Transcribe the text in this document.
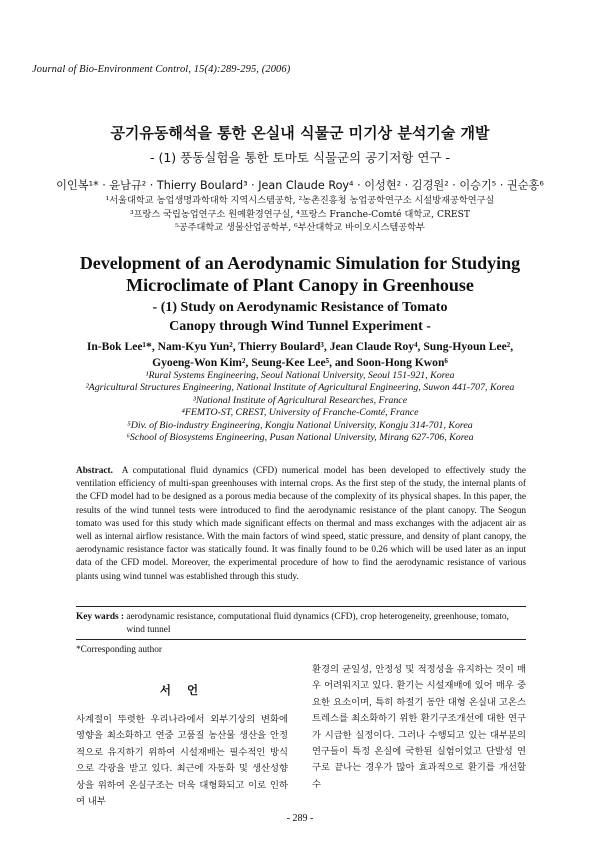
Journal of Bio-Environment Control, 15(4):289-295, (2006)
공기유동해석을 통한 온실내 식물군 미기상 분석기술 개발
- (1) 풍동실험을 통한 토마토 식물군의 공기저항 연구 -
이인복¹* · 윤남규² · Thierry Boulard³ · Jean Claude Roy⁴ · 이성현² · 김경원² · 이승기⁵ · 권순홍⁶
¹서울대학교 농업생명과학대학 지역시스템공학, ²농촌진흥청 농업공학연구소 시설방재공학연구실
³프랑스 국립농업연구소 원예환경연구실, ⁴프랑스 Franche-Comté 대학교, CREST
⁵공주대학교 생물산업공학부, ⁶부산대학교 바이오시스템공학부
Development of an Aerodynamic Simulation for Studying
Microclimate of Plant Canopy in Greenhouse
- (1) Study on Aerodynamic Resistance of Tomato
Canopy through Wind Tunnel Experiment -
In-Bok Lee¹*, Nam-Kyu Yun², Thierry Boulard³, Jean Claude Roy⁴, Sung-Hyoun Lee²,
Gyoeng-Won Kim², Seung-Kee Lee⁵, and Soon-Hong Kwon⁶
¹Rural Systems Engineering, Seoul National University, Seoul 151-921, Korea
²Agricultural Structures Engineering, National Institute of Agricultural Engineering, Suwon 441-707, Korea
³National Institute of Agricultural Researches, France
⁴FEMTO-ST, CREST, University of Franche-Comté, France
⁵Div. of Bio-industry Engineering, Kongju National University, Kongju 314-701, Korea
⁶School of Biosystems Engineering, Pusan National University, Mirang 627-706, Korea
Abstract. A computational fluid dynamics (CFD) numerical model has been developed to effectively study the ventilation efficiency of multi-span greenhouses with internal crops. As the first step of the study, the internal plants of the CFD model had to be designed as a porous media because of the complexity of its physical shapes. In this paper, the results of the wind tunnel tests were introduced to find the aerodynamic resistance of the plant canopy. The Seogun tomato was used for this study which made significant effects on thermal and mass exchanges with the adjacent air as well as internal airflow resistance. With the main factors of wind speed, static pressure, and density of plant canopy, the aerodynamic resistance factor was statically found. It was finally found to be 0.26 which will be used later as an input data of the CFD model. Moreover, the experimental procedure of how to find the aerodynamic resistance of various plants using wind tunnel was established through this study.
Key wards :
aerodynamic resistance, computational fluid dynamics (CFD), crop heterogeneity, greenhouse, tomato, wind tunnel
*Corresponding author
서 언
사계절이 뚜렷한 우리나라에서 외부기상의 변화에 영향을 최소화하고 연중 고품질 농산물 생산을 안정적으로 유지하기 위하여 시설재배는 필수적인 방식으로 각광을 받고 있다. 최근에 자동화 및 생산성향상을 위하여 온실구조는 더욱 대형화되고 이로 인하여 내부
환경의 균일성, 안정성 및 적정성을 유지하는 것이 매우 어려워지고 있다. 환기는 시설재배에 있어 매우 중요한 요소이며, 특히 하절기 동안 대형 온실내 고온스트레스를 최소화하기 위한 환기구조개선에 대한 연구가 시급한 실정이다. 그러나 수행되고 있는 대부분의 연구들이 특정 온실에 국한된 실험이었고 단발성 연구로 끝나는 경우가 많아 효과적으로 환기를 개선할 수
- 289 -
